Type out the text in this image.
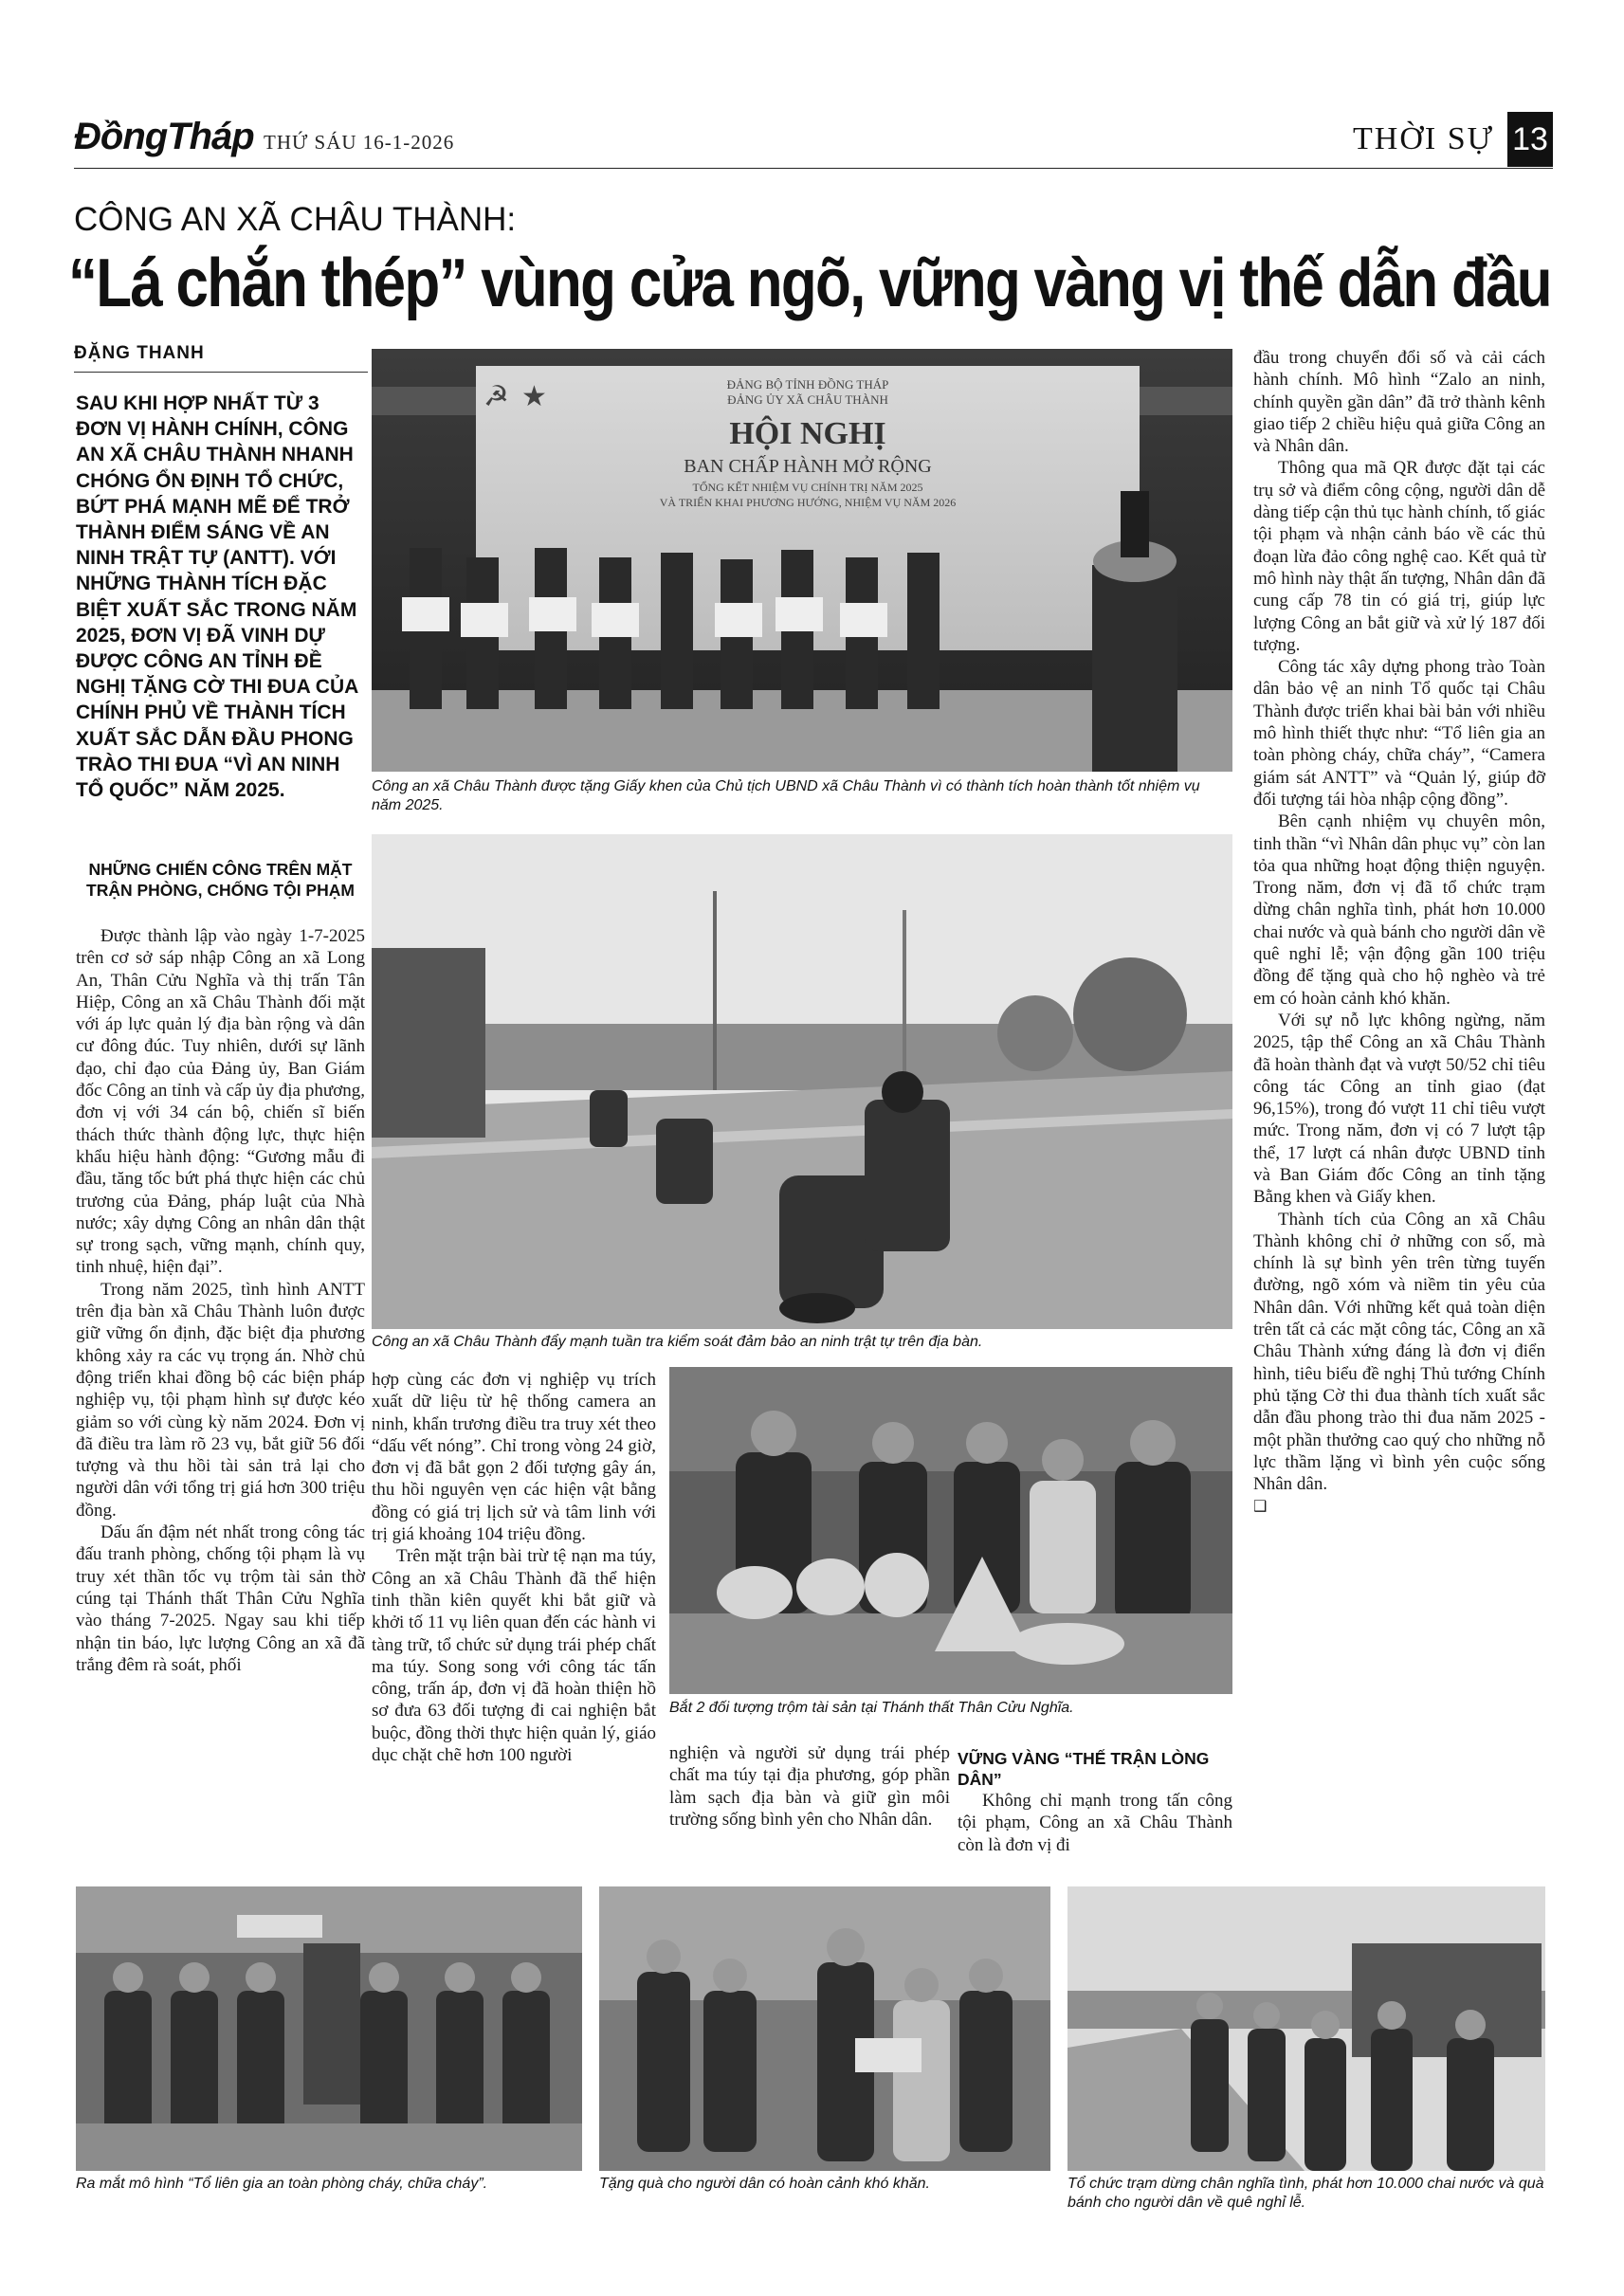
ĐồngTháp THỨ SÁU 16-1-2026	THỜI SỰ 13
CÔNG AN XÃ CHÂU THÀNH:
“Lá chắn thép” vùng cửa ngõ, vững vàng vị thế dẫn đầu
ĐẶNG THANH
SAU KHI HỢP NHẤT TỪ 3 ĐƠN VỊ HÀNH CHÍNH, CÔNG AN XÃ CHÂU THÀNH NHANH CHÓNG ỔN ĐỊNH TỔ CHỨC, BỨT PHÁ MẠNH MẼ ĐỂ TRỞ THÀNH ĐIỂM SÁNG VỀ AN NINH TRẬT TỰ (ANTT). VỚI NHỮNG THÀNH TÍCH ĐẶC BIỆT XUẤT SẮC TRONG NĂM 2025, ĐƠN VỊ ĐÃ VINH DỰ ĐƯỢC CÔNG AN TỈNH ĐỀ NGHỊ TẶNG CỜ THI ĐUA CỦA CHÍNH PHỦ VỀ THÀNH TÍCH XUẤT SẮC DẪN ĐẦU PHONG TRÀO THI ĐUA “VÌ AN NINH TỔ QUỐC” NĂM 2025.
NHỮNG CHIẾN CÔNG TRÊN MẶT TRẬN PHÒNG, CHỐNG TỘI PHẠM

Được thành lập vào ngày 1-7-2025 trên cơ sở sáp nhập Công an xã Long An, Thân Cửu Nghĩa và thị trấn Tân Hiệp, Công an xã Châu Thành đối mặt với áp lực quản lý địa bàn rộng và dân cư đông đúc. Tuy nhiên, dưới sự lãnh đạo, chỉ đạo của Đảng ủy, Ban Giám đốc Công an tỉnh và cấp ủy địa phương, đơn vị với 34 cán bộ, chiến sĩ biến thách thức thành động lực, thực hiện khẩu hiệu hành động: “Gương mẫu đi đầu, tăng tốc bứt phá thực hiện các chủ trương của Đảng, pháp luật của Nhà nước; xây dựng Công an nhân dân thật sự trong sạch, vững mạnh, chính quy, tinh nhuệ, hiện đại”.

Trong năm 2025, tình hình ANTT trên địa bàn xã Châu Thành luôn được giữ vững ổn định, đặc biệt địa phương không xảy ra các vụ trọng án. Nhờ chủ động triển khai đồng bộ các biện pháp nghiệp vụ, tội phạm hình sự được kéo giảm so với cùng kỳ năm 2024. Đơn vị đã điều tra làm rõ 23 vụ, bắt giữ 56 đối tượng và thu hồi tài sản trả lại cho người dân với tổng trị giá hơn 300 triệu đồng.

Dấu ấn đậm nét nhất trong công tác đấu tranh phòng, chống tội phạm là vụ truy xét thần tốc vụ trộm tài sản thờ cúng tại Thánh thất Thân Cửu Nghĩa vào tháng 7-2025. Ngay sau khi tiếp nhận tin báo, lực lượng Công an xã đã trắng đêm rà soát, phối

☭ ★	ĐẢNG BỘ TỈNH ĐỒNG THÁP
ĐẢNG ỦY XÃ CHÂU THÀNH
HỘI NGHỊ
BAN CHẤP HÀNH MỞ RỘNG
TỔNG KẾT NHIỆM VỤ CHÍNH TRỊ NĂM 2025
VÀ TRIỂN KHAI PHƯƠNG HƯỚNG, NHIỆM VỤ NĂM 2026
Công an xã Châu Thành được tặng Giấy khen của Chủ tịch UBND xã Châu Thành vì có thành tích hoàn thành tốt nhiệm vụ năm 2025.
Công an xã Châu Thành đẩy mạnh tuần tra kiểm soát đảm bảo an ninh trật tự trên địa bàn.

hợp cùng các đơn vị nghiệp vụ trích xuất dữ liệu từ hệ thống camera an ninh, khẩn trương điều tra truy xét theo “dấu vết nóng”. Chỉ trong vòng 24 giờ, đơn vị đã bắt gọn 2 đối tượng gây án, thu hồi nguyên vẹn các hiện vật bằng đồng có giá trị lịch sử và tâm linh với trị giá khoảng 104 triệu đồng.

Trên mặt trận bài trừ tệ nạn ma túy, Công an xã Châu Thành đã thể hiện tinh thần kiên quyết khi bắt giữ và khởi tố 11 vụ liên quan đến các hành vi tàng trữ, tổ chức sử dụng trái phép chất ma túy. Song song với công tác tấn công, trấn áp, đơn vị đã hoàn thiện hồ sơ đưa 63 đối tượng đi cai nghiện bắt buộc, đồng thời thực hiện quản lý, giáo dục chặt chẽ hơn 100 người

Bắt 2 đối tượng trộm tài sản tại Thánh thất Thân Cửu Nghĩa.

nghiện và người sử dụng trái phép chất ma túy tại địa phương, góp phần làm sạch địa bàn và giữ gìn môi trường sống bình yên cho Nhân dân.

VỮNG VÀNG “THẾ TRẬN LÒNG DÂN”

Không chỉ mạnh trong tấn công tội phạm, Công an xã Châu Thành còn là đơn vị đi

đầu trong chuyển đổi số và cải cách hành chính. Mô hình “Zalo an ninh, chính quyền gần dân” đã trở thành kênh giao tiếp 2 chiều hiệu quả giữa Công an và Nhân dân.

Thông qua mã QR được đặt tại các trụ sở và điểm công cộng, người dân dễ dàng tiếp cận thủ tục hành chính, tố giác tội phạm và nhận cảnh báo về các thủ đoạn lừa đảo công nghệ cao. Kết quả từ mô hình này thật ấn tượng, Nhân dân đã cung cấp 78 tin có giá trị, giúp lực lượng Công an bắt giữ và xử lý 187 đối tượng.

Công tác xây dựng phong trào Toàn dân bảo vệ an ninh Tổ quốc tại Châu Thành được triển khai bài bản với nhiều mô hình thiết thực như: “Tổ liên gia an toàn phòng cháy, chữa cháy”, “Camera giám sát ANTT” và “Quản lý, giúp đỡ đối tượng tái hòa nhập cộng đồng”.

Bên cạnh nhiệm vụ chuyên môn, tinh thần “vì Nhân dân phục vụ” còn lan tỏa qua những hoạt động thiện nguyện. Trong năm, đơn vị đã tổ chức trạm dừng chân nghĩa tình, phát hơn 10.000 chai nước và quà bánh cho người dân về quê nghỉ lễ; vận động gần 100 triệu đồng để tặng quà cho hộ nghèo và trẻ em có hoàn cảnh khó khăn.

Với sự nỗ lực không ngừng, năm 2025, tập thể Công an xã Châu Thành đã hoàn thành đạt và vượt 50/52 chỉ tiêu công tác Công an tỉnh giao (đạt 96,15%), trong đó vượt 11 chỉ tiêu vượt mức. Trong năm, đơn vị có 7 lượt tập thể, 17 lượt cá nhân được UBND tỉnh và Ban Giám đốc Công an tỉnh tặng Bằng khen và Giấy khen.

Thành tích của Công an xã Châu Thành không chỉ ở những con số, mà chính là sự bình yên trên từng tuyến đường, ngõ xóm và niềm tin yêu của Nhân dân. Với những kết quả toàn diện trên tất cả các mặt công tác, Công an xã Châu Thành xứng đáng là đơn vị điển hình, tiêu biểu đề nghị Thủ tướng Chính phủ tặng Cờ thi đua thành tích xuất sắc dẫn đầu phong trào thi đua năm 2025 - một phần thưởng cao quý cho những nỗ lực thầm lặng vì bình yên cuộc sống Nhân dân.

❑
Ra mắt mô hình “Tổ liên gia an toàn phòng cháy, chữa cháy”.	Tặng quà cho người dân có hoàn cảnh khó khăn.	Tổ chức trạm dừng chân nghĩa tình, phát hơn 10.000 chai nước và quà bánh cho người dân về quê nghỉ lễ.
